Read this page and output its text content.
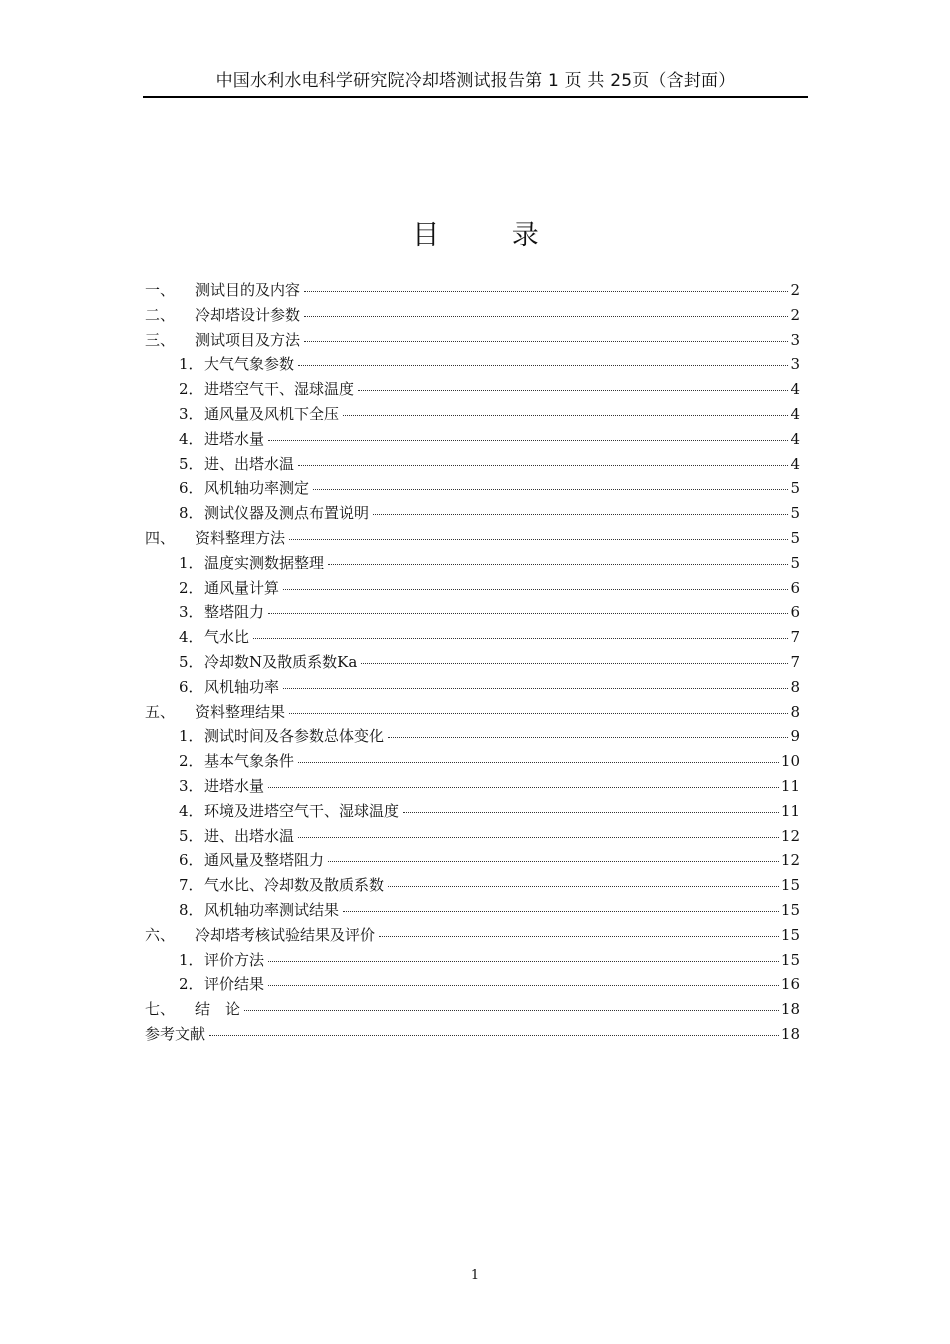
中国水利水电科学研究院冷却塔测试报告第 1 页 共 25页（含封面）
目	录
一、	测试目的及内容	2
二、	冷却塔设计参数	2
三、	测试项目及方法	3
1． 大气气象参数	3
2． 进塔空气干、湿球温度	4
3． 通风量及风机下全压	4
4． 进塔水量	4
5． 进、出塔水温	4
6． 风机轴功率测定	5
8． 测试仪器及测点布置说明	5
四、	资料整理方法	5
1． 温度实测数据整理	5
2． 通风量计算	6
3． 整塔阻力	6
4． 气水比	7
5． 冷却数N及散质系数Ka	7
6． 风机轴功率	8
五、	资料整理结果	8
1． 测试时间及各参数总体变化	9
2． 基本气象条件	10
3． 进塔水量	11
4． 环境及进塔空气干、湿球温度	11
5． 进、出塔水温	12
6． 通风量及整塔阻力	12
7． 气水比、冷却数及散质系数	15
8． 风机轴功率测试结果	15
六、	冷却塔考核试验结果及评价	15
1． 评价方法	15
2． 评价结果	16
七、	结　论	18
参考文献	18
1
